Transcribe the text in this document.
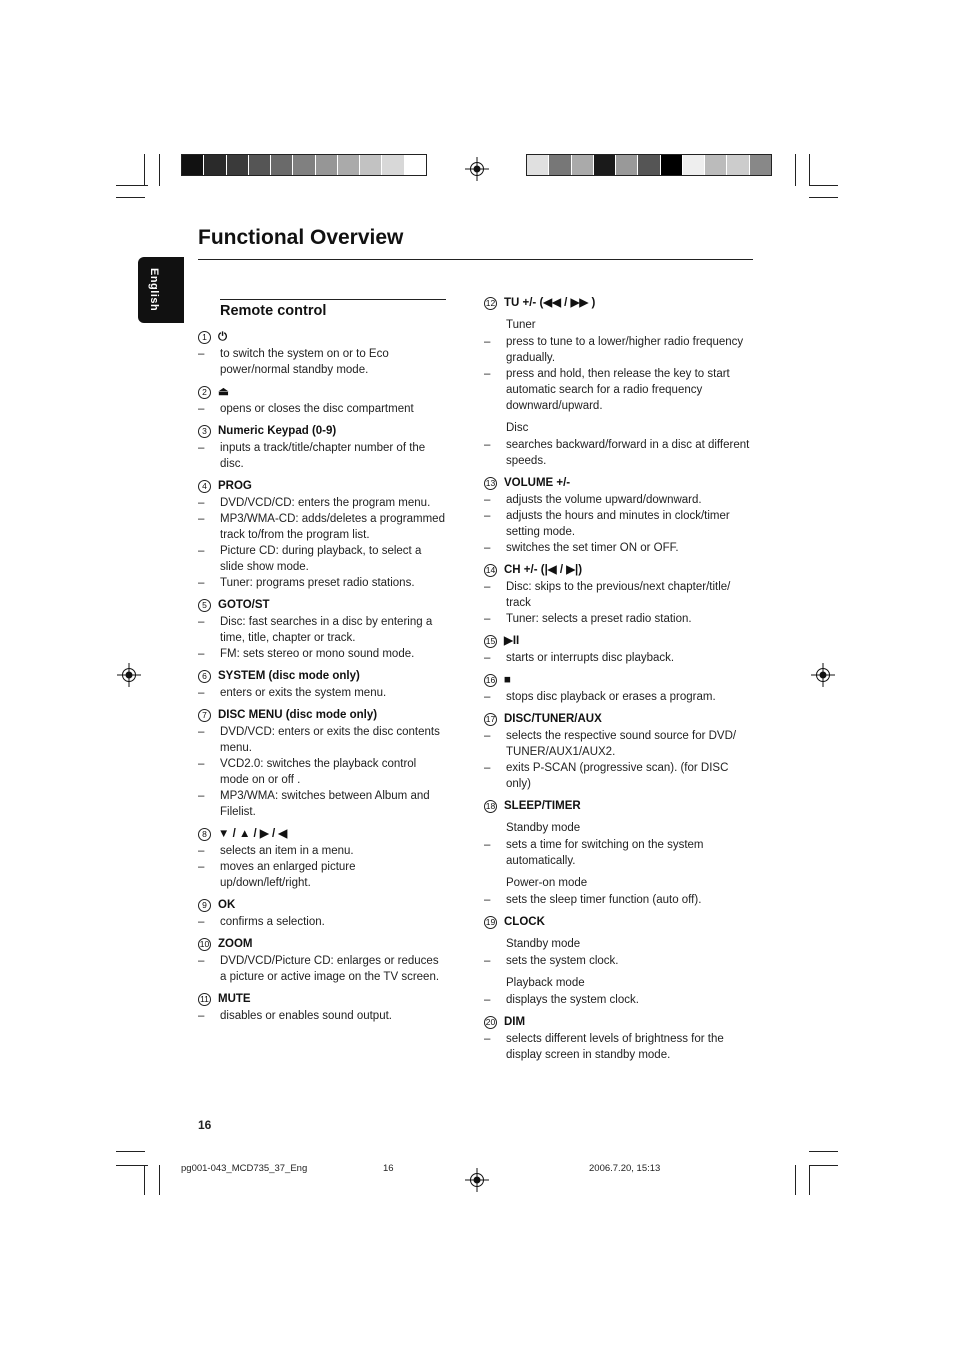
Functional Overview
English	Remote control
1 ⏻
–	to switch the system on or to Eco power/normal standby mode.
2 ⏏
–	opens or closes the disc compartment
3 Numeric Keypad (0-9)
–	inputs a track/title/chapter number of the disc.
4 PROG
–	DVD/VCD/CD: enters the program menu.
–	MP3/WMA-CD: adds/deletes a programmed track to/from the program list.
–	Picture CD: during playback, to select a slide show mode.
–	Tuner: programs preset radio stations.
5 GOTO/ST
–	Disc: fast searches in a disc by entering a time, title, chapter or track.
–	FM: sets stereo or mono sound mode.
6 SYSTEM (disc mode only)
–	enters or exits the system menu.
7 DISC MENU (disc mode only)
–	DVD/VCD: enters or exits the disc contents menu.
–	VCD2.0: switches the playback control mode on or off .
–	MP3/WMA: switches between Album and Filelist.
8 ▼ / ▲ / ▶ / ◀
–	selects an item in a menu.
–	moves an enlarged picture up/down/left/right.
9 OK
–	confirms a selection.
10 ZOOM
–	DVD/VCD/Picture CD: enlarges or reduces a picture or active image on the TV screen.
11 MUTE
–	disables or enables sound output.
12 TU +/- (◀◀ / ▶▶ )
Tuner
–	press to tune to a lower/higher radio frequency gradually.
–	press and hold, then release the key to start automatic search for a radio frequency downward/upward.
Disc
–	searches backward/forward in a disc at different speeds.
13 VOLUME +/-
–	adjusts the volume upward/downward.
–	adjusts the hours and minutes in clock/timer setting mode.
–	switches the set timer ON or OFF.
14 CH +/- (|◀ / ▶|)
–	Disc: skips to the previous/next chapter/title/ track
–	Tuner: selects a preset radio station.
15 ▶II
–	starts or interrupts disc playback.
16 ■
–	stops disc playback or erases a program.
17 DISC/TUNER/AUX
–	selects the respective sound source for DVD/ TUNER/AUX1/AUX2.
–	exits P-SCAN (progressive scan). (for DISC only)
18 SLEEP/TIMER
Standby mode
–	sets a time for switching on the system automatically.
Power-on mode
–	sets the sleep timer function (auto off).
19 CLOCK
Standby mode
–	sets the system clock.
Playback mode
–	displays the system clock.
20 DIM
–	selects different levels of brightness for the display screen in standby mode.
16
pg001-043_MCD735_37_Eng	16	2006.7.20, 15:13
